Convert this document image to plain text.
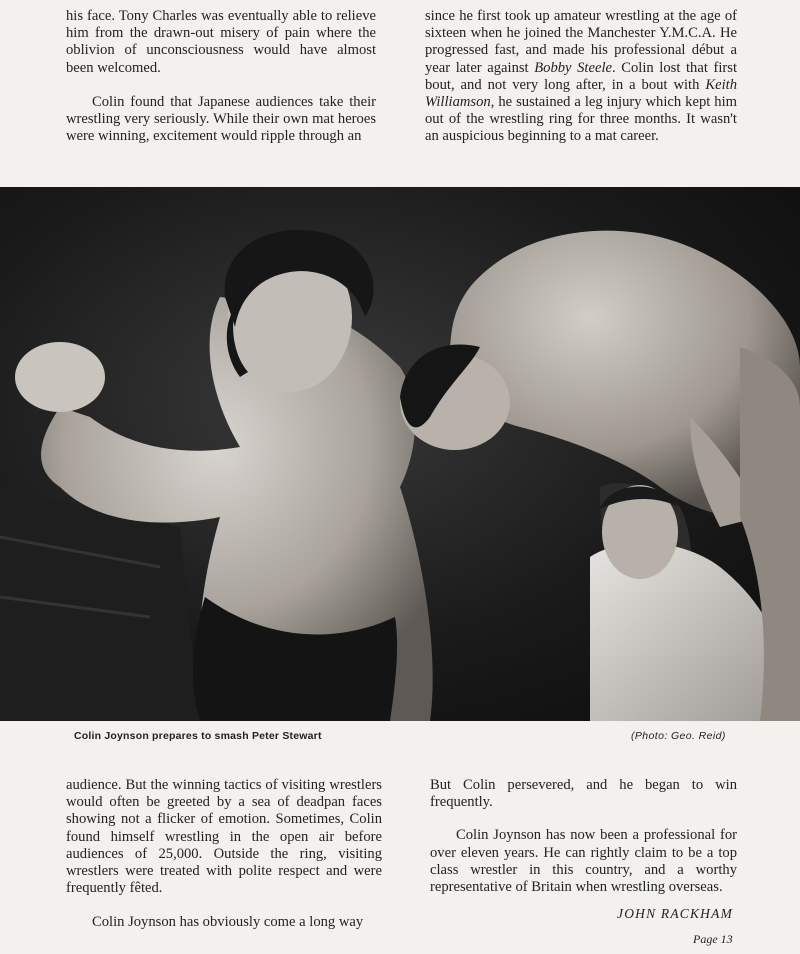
his face. Tony Charles was eventually able to relieve him from the drawn-out misery of pain where the oblivion of unconsciousness would have almost been welcomed.

Colin found that Japanese audiences take their wrestling very seriously. While their own mat heroes were winning, excitement would ripple through an

since he first took up amateur wrestling at the age of sixteen when he joined the Manchester Y.M.C.A. He progressed fast, and made his professional début a year later against Bobby Steele. Colin lost that first bout, and not very long after, in a bout with Keith Williamson, he sustained a leg injury which kept him out of the wrestling ring for three months. It wasn't an auspicious beginning to a mat career.

Colin Joynson prepares to smash Peter Stewart	(Photo: Geo. Reid)

audience. But the winning tactics of visiting wrestlers would often be greeted by a sea of deadpan faces showing not a flicker of emotion. Sometimes, Colin found himself wrestling in the open air before audiences of 25,000. Outside the ring, visiting wrestlers were treated with polite respect and were frequently fêted.

Colin Joynson has obviously come a long way

But Colin persevered, and he began to win frequently.

Colin Joynson has now been a professional for over eleven years. He can rightly claim to be a top class wrestler in this country, and a worthy representative of Britain when wrestling overseas.

JOHN RACKHAM
Page 13
